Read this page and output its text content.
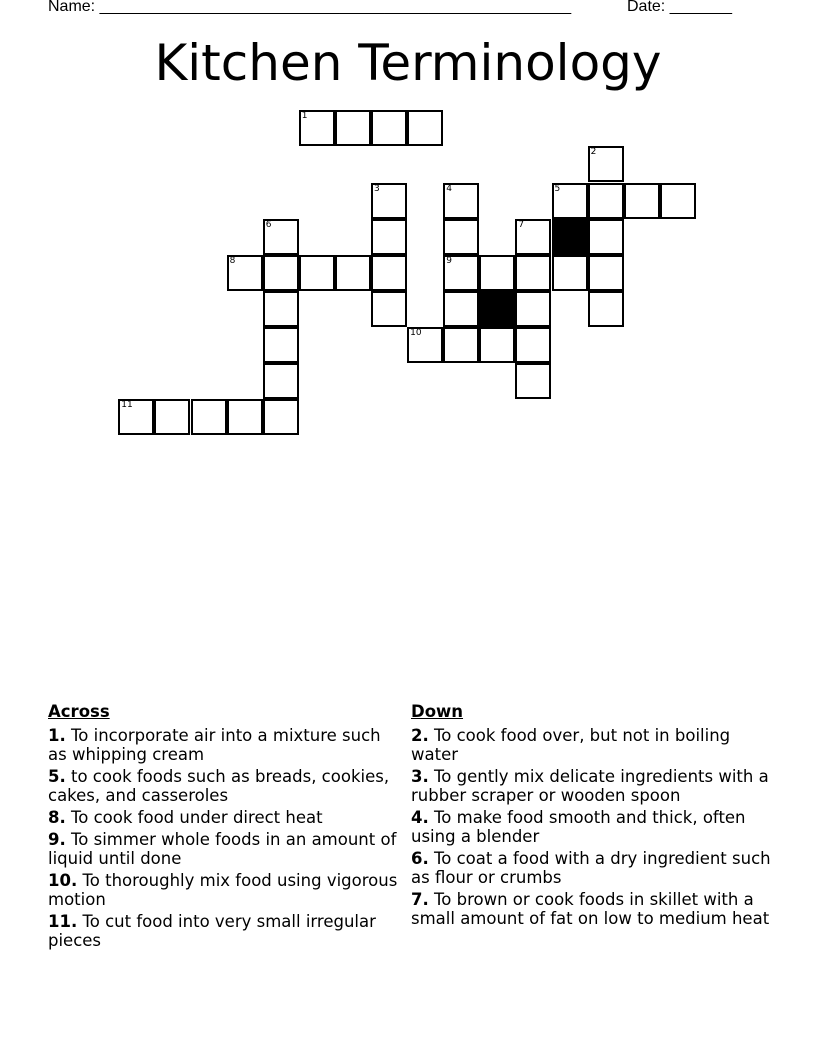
Name: _____________________________________________________	Date: _______
Kitchen Terminology
1
2
3	4	5
6	7
8	9
10
11
Across
1. To incorporate air into a mixture such as whipping cream
5. to cook foods such as breads, cookies, cakes, and casseroles
8. To cook food under direct heat
9. To simmer whole foods in an amount of liquid until done
10. To thoroughly mix food using vigorous motion
11. To cut food into very small irregular pieces
Down
2. To cook food over, but not in boiling water
3. To gently mix delicate ingredients with a rubber scraper or wooden spoon
4. To make food smooth and thick, often using a blender
6. To coat a food with a dry ingredient such as flour or crumbs
7. To brown or cook foods in skillet with a small amount of fat on low to medium heat
